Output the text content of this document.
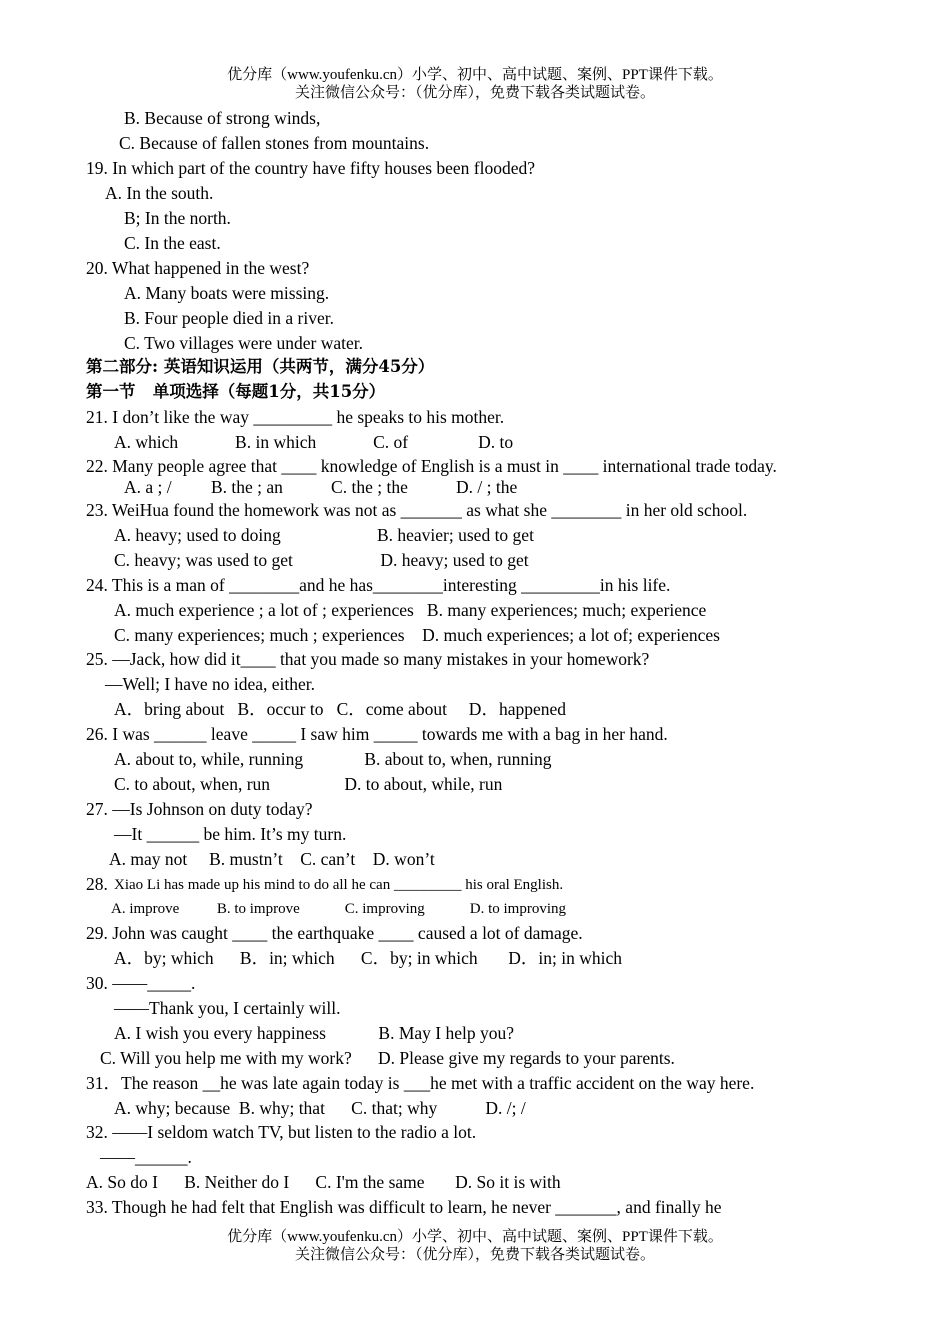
优分库（www.youfenku.cn）小学、初中、高中试题、案例、PPT课件下载。
关注微信公众号：（优分库），免费下载各类试题试卷。
B. Because of strong winds,
C. Because of fallen stones from mountains.
19. In which part of the country have fifty houses been flooded?
A. In the south.
B; In the north.
C. In the east.
20. What happened in the west?
A. Many boats were missing.
B. Four people died in a river.
C. Two villages were under water.
第二部分: 英语知识运用（共两节，满分45分）
第一节   单项选择（每题1分，共15分）
21. I don’t like the way _________ he speaks to his mother.
A. which             B. in which             C. of                D. to
22. Many people agree that ____ knowledge of English is a must in ____ international trade today.
A. a ; /         B. the ; an           C. the ; the           D. / ; the
23. WeiHua found the homework was not as _______ as what she ________ in her old school.
A. heavy; used to doing                      B. heavier; used to get
C. heavy; was used to get                    D. heavy; used to get
24. This is a man of ________and he has________interesting _________in his life.
A. much experience ; a lot of ; experiences   B. many experiences; much; experience
C. many experiences; much ; experiences    D. much experiences; a lot of; experiences
25. —Jack, how did it____ that you made so many mistakes in your homework?
—Well; I have no idea, either.
A．bring about   B．occur to   C．come about     D．happened
26. I was ______ leave _____ I saw him _____ towards me with a bag in her hand.
A. about to, while, running              B. about to, when, running
C. to about, when, run                 D. to about, while, run
27. —Is Johnson on duty today?
—It ______ be him. It’s my turn.
A. may not     B. mustn’t    C. can’t    D. won’t
28. Xiao Li has made up his mind to do all he can _________ his oral English.
A. improve          B. to improve            C. improving            D. to improving
29. John was caught ____ the earthquake ____ caused a lot of damage.
A．by; which      B．in; which      C．by; in which       D．in; in which
30. ——_____.
——Thank you, I certainly will.
A. I wish you every happiness            B. May I help you?
C. Will you help me with my work?      D. Please give my regards to your parents.
31．The reason __he was late again today is ___he met with a traffic accident on the way here.
A. why; because  B. why; that      C. that; why           D. /; /
32. ——I seldom watch TV, but listen to the radio a lot.
——______.
A. So do I      B. Neither do I      C. I'm the same       D. So it is with
33. Though he had felt that English was difficult to learn, he never _______, and finally he
优分库（www.youfenku.cn）小学、初中、高中试题、案例、PPT课件下载。
关注微信公众号：（优分库），免费下载各类试题试卷。
